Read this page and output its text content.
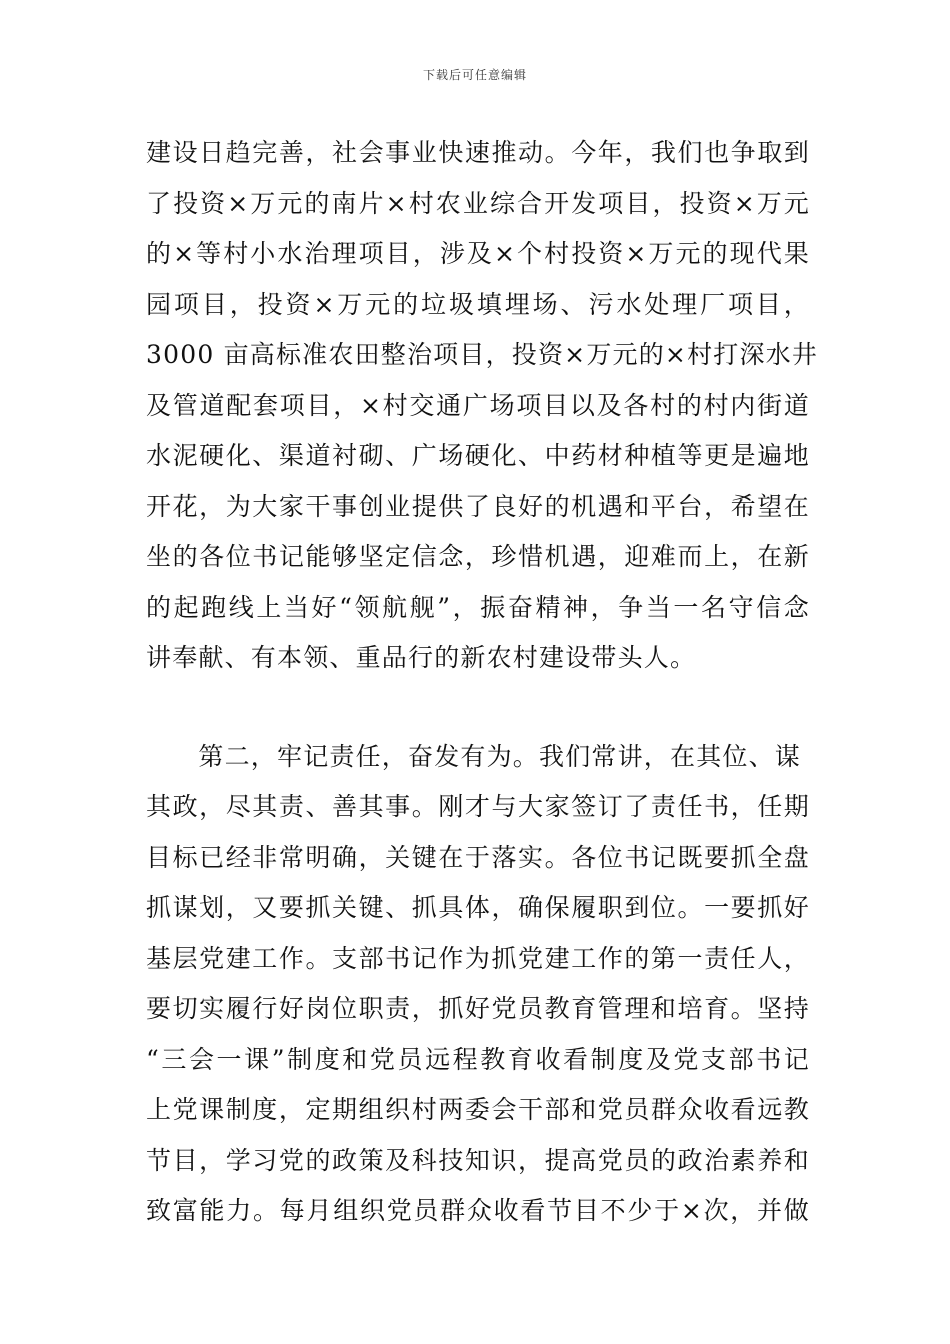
下载后可任意编辑
建设日趋完善，社会事业快速推动。今年，我们也争取到
了投资×万元的南片×村农业综合开发项目，投资×万元
的×等村小水治理项目，涉及×个村投资×万元的现代果
园项目，投资×万元的垃圾填埋场、污水处理厂项目，
3000 亩高标准农田整治项目，投资×万元的×村打深水井
及管道配套项目，×村交通广场项目以及各村的村内街道
水泥硬化、渠道衬砌、广场硬化、中药材种植等更是遍地
开花，为大家干事创业提供了良好的机遇和平台，希望在
坐的各位书记能够坚定信念，珍惜机遇，迎难而上，在新
的起跑线上当好“领航舰”，振奋精神，争当一名守信念
讲奉献、有本领、重品行的新农村建设带头人。
　　第二，牢记责任，奋发有为。我们常讲，在其位、谋
其政，尽其责、善其事。刚才与大家签订了责任书，任期
目标已经非常明确，关键在于落实。各位书记既要抓全盘
抓谋划，又要抓关键、抓具体，确保履职到位。一要抓好
基层党建工作。支部书记作为抓党建工作的第一责任人，
要切实履行好岗位职责，抓好党员教育管理和培育。坚持
“三会一课”制度和党员远程教育收看制度及党支部书记
上党课制度，定期组织村两委会干部和党员群众收看远教
节目，学习党的政策及科技知识，提高党员的政治素养和
致富能力。每月组织党员群众收看节目不少于×次，并做
